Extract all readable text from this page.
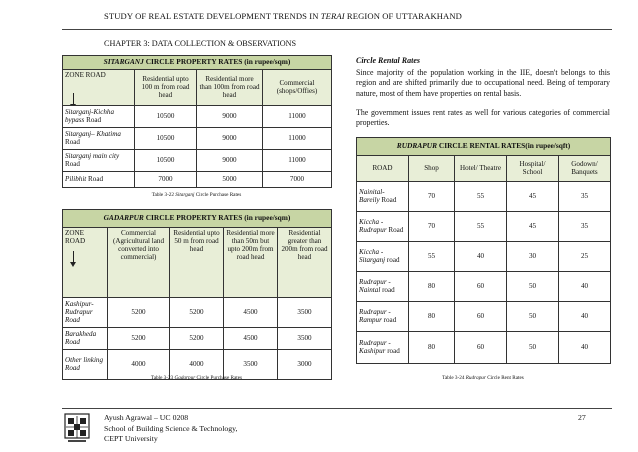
STUDY OF REAL ESTATE DEVELOPMENT TRENDS IN TERAI REGION OF UTTARAKHAND
CHAPTER 3: DATA COLLECTION & OBSERVATIONS
SITARGANJ CIRCLE PROPERTY RATES (in rupee/sqm)			
ZONE ROAD	Residential upto 100 m from road head	Residential more than 100m from road head	Commercial (shops/Offies)
Sitarganj-Kichha bypass Road	10500	9000	11000
Sitarganj– Khatima Road	10500	9000	11000
Sitarganj main city Road	10500	9000	11000
Pilibhit Road	7000	5000	7000
Table 3-22 Sitarganj Circle Purchase Rates
GADARPUR CIRCLE PROPERTY RATES (in rupee/sqm)				
ZONE ROAD	Commercial (Agricultural land converted into commercial)	Residential upto 50 m from road head	Residential more than 50m but upto 200m from road head	Residential greater than 200m from road head
Kashipur- Rudrapur Road	5200	5200	4500	3500
Barakheda Road	5200	5200	4500	3500
Other linking Road	4000	4000	3500	3000
Table 3-23 Gadarpur Circle Purchase Rates
Circle Rental Rates
Since majority of the population working in the IIE, doesn't belongs to this region and are shifted primarily due to occupational need. Being of temporary nature, most of them have properties on rental basis.
The government issues rent rates as well for various categories of commercial properties.
RUDRAPUR CIRCLE RENTAL RATES(in rupee/sqft)				
ROAD	Shop	Hotel/ Theatre	Hospital/ School	Godown/ Banquets
Nainital- Bareily Road	70	55	45	35
Kiccha - Rudrapur Road	70	55	45	35
Kiccha - Sitarganj road	55	40	30	25
Rudrapur - Naintal road	80	60	50	40
Rudrapur - Rampur road	80	60	50	40
Rudrapur - Kashipur road	80	60	50	40
Table 3-24 Rudrapur Circle Rent Rates
Ayush Agrawal – UC 0208
School of Building Science & Technology,
CEPT University
27
